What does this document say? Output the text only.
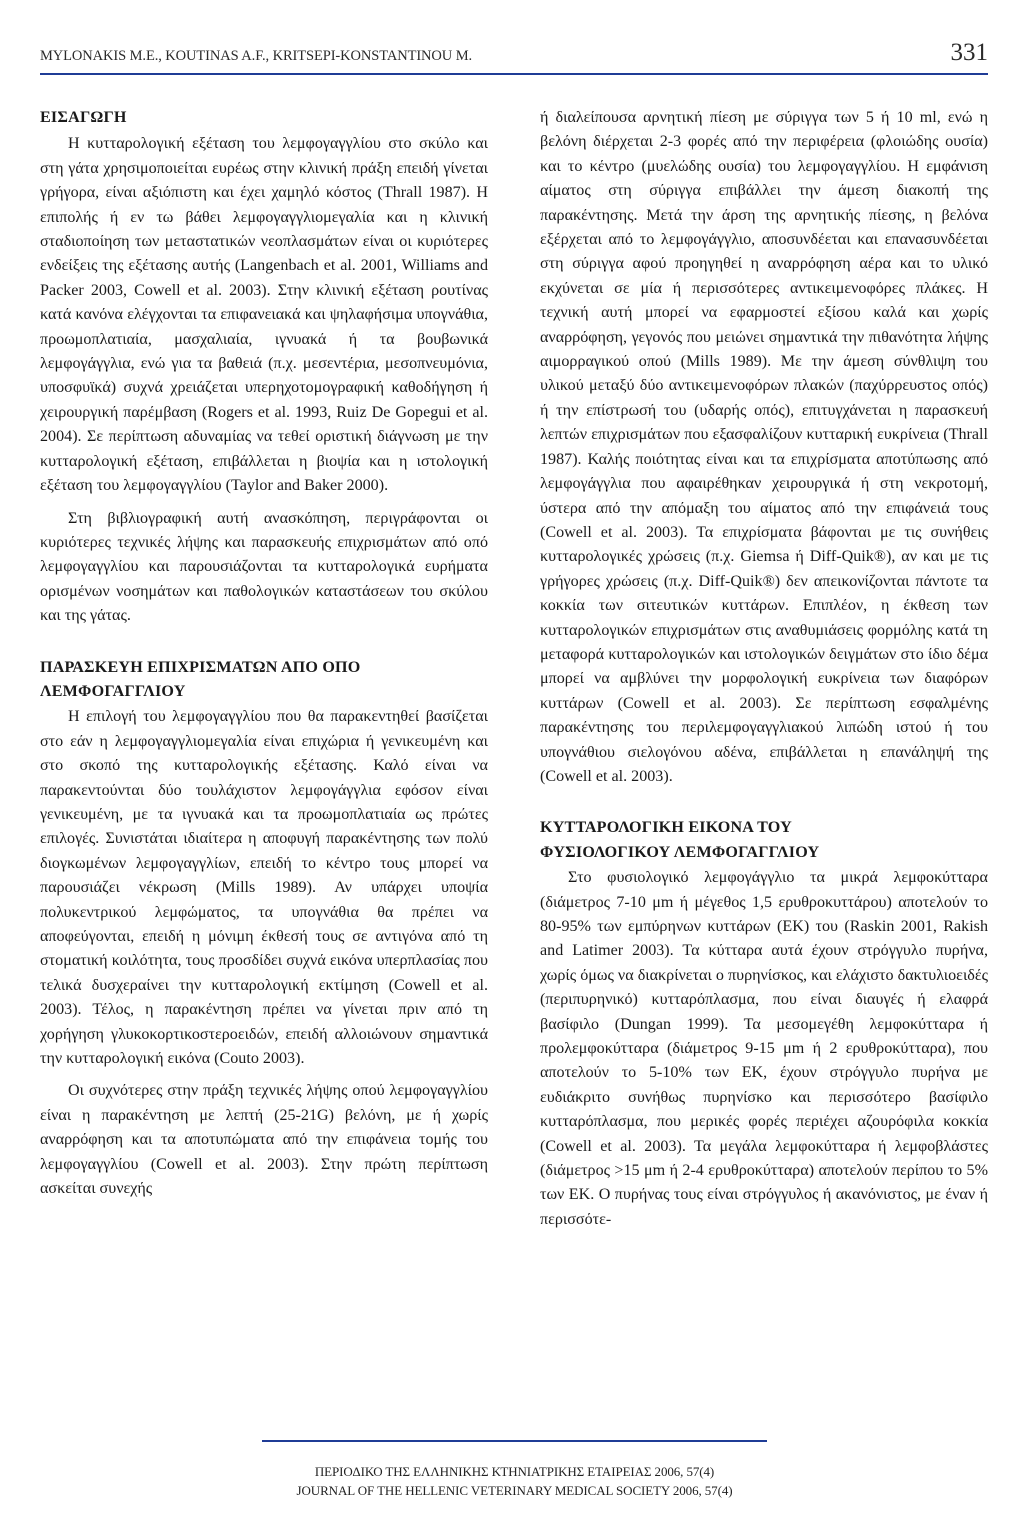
MYLONAKIS M.E., KOUTINAS A.F., KRITSEPI-KONSTANTINOU M.	331
ΕΙΣΑΓΩΓΗ

Η κυτταρολογική εξέταση του λεμφογαγγλίου στο σκύλο και στη γάτα χρησιμοποιείται ευρέως στην κλινική πράξη επειδή γίνεται γρήγορα, είναι αξιόπιστη και έχει χαμηλό κόστος (Thrall 1987). Η επιπολής ή εν τω βάθει λεμφογαγγλιομεγαλία και η κλινική σταδιοποίηση των μεταστατικών νεοπλασμάτων είναι οι κυριότερες ενδείξεις της εξέτασης αυτής (Langenbach et al. 2001, Williams and Packer 2003, Cowell et al. 2003). Στην κλινική εξέταση ρουτίνας κατά κανόνα ελέγχονται τα επιφανειακά και ψηλαφήσιμα υπογνάθια, προωμοπλατιαία, μασχαλιαία, ιγνυακά ή τα βουβωνικά λεμφογάγγλια, ενώ για τα βαθειά (π.χ. μεσεντέρια, μεσοπνευμόνια, υποσφυϊκά) συχνά χρειάζεται υπερηχοτομογραφική καθοδήγηση ή χειρουργική παρέμβαση (Rogers et al. 1993, Ruiz De Gopegui et al. 2004). Σε περίπτωση αδυναμίας να τεθεί οριστική διάγνωση με την κυτταρολογική εξέταση, επιβάλλεται η βιοψία και η ιστολογική εξέταση του λεμφογαγγλίου (Taylor and Baker 2000).

Στη βιβλιογραφική αυτή ανασκόπηση, περιγράφονται οι κυριότερες τεχνικές λήψης και παρασκευής επιχρισμάτων από οπό λεμφογαγγλίου και παρουσιάζονται τα κυτταρολογικά ευρήματα ορισμένων νοσημάτων και παθολογικών καταστάσεων του σκύλου και της γάτας.

ΠΑΡΑΣΚΕΥΗ ΕΠΙΧΡΙΣΜΑΤΩΝ ΑΠΟ ΟΠΟ
ΛΕΜΦΟΓΑΓΓΛΙΟΥ

Η επιλογή του λεμφογαγγλίου που θα παρακεντηθεί βασίζεται στο εάν η λεμφογαγγλιομεγαλία είναι επιχώρια ή γενικευμένη και στο σκοπό της κυτταρολογικής εξέτασης. Καλό είναι να παρακεντούνται δύο τουλάχιστον λεμφογάγγλια εφόσον είναι γενικευμένη, με τα ιγνυακά και τα προωμοπλατιαία ως πρώτες επιλογές. Συνιστάται ιδιαίτερα η αποφυγή παρακέντησης των πολύ διογκωμένων λεμφογαγγλίων, επειδή το κέντρο τους μπορεί να παρουσιάζει νέκρωση (Mills 1989). Αν υπάρχει υποψία πολυκεντρικού λεμφώματος, τα υπογνάθια θα πρέπει να αποφεύγονται, επειδή η μόνιμη έκθεσή τους σε αντιγόνα από τη στοματική κοιλότητα, τους προσδίδει συχνά εικόνα υπερπλασίας που τελικά δυσχεραίνει την κυτταρολογική εκτίμηση (Cowell et al. 2003). Τέλος, η παρακέντηση πρέπει να γίνεται πριν από τη χορήγηση γλυκοκορτικοστεροειδών, επειδή αλλοιώνουν σημαντικά την κυτταρολογική εικόνα (Couto 2003).

Οι συχνότερες στην πράξη τεχνικές λήψης οπού λεμφογαγγλίου είναι η παρακέντηση με λεπτή (25-21G) βελόνη, με ή χωρίς αναρρόφηση και τα αποτυπώματα από την επιφάνεια τομής του λεμφογαγγλίου (Cowell et al. 2003). Στην πρώτη περίπτωση ασκείται συνεχής

ή διαλείπουσα αρνητική πίεση με σύριγγα των 5 ή 10 ml, ενώ η βελόνη διέρχεται 2-3 φορές από την περιφέρεια (φλοιώδης ουσία) και το κέντρο (μυελώδης ουσία) του λεμφογαγγλίου. Η εμφάνιση αίματος στη σύριγγα επιβάλλει την άμεση διακοπή της παρακέντησης. Μετά την άρση της αρνητικής πίεσης, η βελόνα εξέρχεται από το λεμφογάγγλιο, αποσυνδέεται και επανασυνδέεται στη σύριγγα αφού προηγηθεί η αναρρόφηση αέρα και το υλικό εκχύνεται σε μία ή περισσότερες αντικειμενοφόρες πλάκες. Η τεχνική αυτή μπορεί να εφαρμοστεί εξίσου καλά και χωρίς αναρρόφηση, γεγονός που μειώνει σημαντικά την πιθανότητα λήψης αιμορραγικού οπού (Mills 1989). Με την άμεση σύνθλιψη του υλικού μεταξύ δύο αντικειμενοφόρων πλακών (παχύρρευστος οπός) ή την επίστρωσή του (υδαρής οπός), επιτυγχάνεται η παρασκευή λεπτών επιχρισμάτων που εξασφαλίζουν κυτταρική ευκρίνεια (Thrall 1987). Καλής ποιότητας είναι και τα επιχρίσματα αποτύπωσης από λεμφογάγγλια που αφαιρέθηκαν χειρουργικά ή στη νεκροτομή, ύστερα από την απόμαξη του αίματος από την επιφάνειά τους (Cowell et al. 2003). Τα επιχρίσματα βάφονται με τις συνήθεις κυτταρολογικές χρώσεις (π.χ. Giemsa ή Diff-Quik®), αν και με τις γρήγορες χρώσεις (π.χ. Diff-Quik®) δεν απεικονίζονται πάντοτε τα κοκκία των σιτευτικών κυττάρων. Επιπλέον, η έκθεση των κυτταρολογικών επιχρισμάτων στις αναθυμιάσεις φορμόλης κατά τη μεταφορά κυτταρολογικών και ιστολογικών δειγμάτων στο ίδιο δέμα μπορεί να αμβλύνει την μορφολογική ευκρίνεια των διαφόρων κυττάρων (Cowell et al. 2003). Σε περίπτωση εσφαλμένης παρακέντησης του περιλεμφογαγγλιακού λιπώδη ιστού ή του υπογνάθιου σιελογόνου αδένα, επιβάλλεται η επανάληψή της (Cowell et al. 2003).

ΚΥΤΤΑΡΟΛΟΓΙΚΗ ΕΙΚΟΝΑ ΤΟΥ
ΦΥΣΙΟΛΟΓΙΚΟΥ ΛΕΜΦΟΓΑΓΓΛΙΟΥ

Στο φυσιολογικό λεμφογάγγλιο τα μικρά λεμφοκύτταρα (διάμετρος 7-10 μm ή μέγεθος 1,5 ερυθροκυττάρου) αποτελούν το 80-95% των εμπύρηνων κυττάρων (ΕΚ) του (Raskin 2001, Rakish and Latimer 2003). Τα κύτταρα αυτά έχουν στρόγγυλο πυρήνα, χωρίς όμως να διακρίνεται ο πυρηνίσκος, και ελάχιστο δακτυλιοειδές (περιπυρηνικό) κυτταρόπλασμα, που είναι διαυγές ή ελαφρά βασίφιλο (Dungan 1999). Τα μεσομεγέθη λεμφοκύτταρα ή προλεμφοκύτταρα (διάμετρος 9-15 μm ή 2 ερυθροκύτταρα), που αποτελούν το 5-10% των ΕΚ, έχουν στρόγγυλο πυρήνα με ευδιάκριτο συνήθως πυρηνίσκο και περισσότερο βασίφιλο κυτταρόπλασμα, που μερικές φορές περιέχει αζουρόφιλα κοκκία (Cowell et al. 2003). Τα μεγάλα λεμφοκύτταρα ή λεμφοβλάστες (διάμετρος >15 μm ή 2-4 ερυθροκύτταρα) αποτελούν περίπου το 5% των ΕΚ. Ο πυρήνας τους είναι στρόγγυλος ή ακανόνιστος, με έναν ή περισσότε-

ΠΕΡΙΟΔΙΚΟ ΤΗΣ ΕΛΛΗΝΙΚΗΣ ΚΤΗΝΙΑΤΡΙΚΗΣ ΕΤΑΙΡΕΙΑΣ 2006, 57(4)
JOURNAL OF THE HELLENIC VETERINARY MEDICAL SOCIETY 2006, 57(4)
